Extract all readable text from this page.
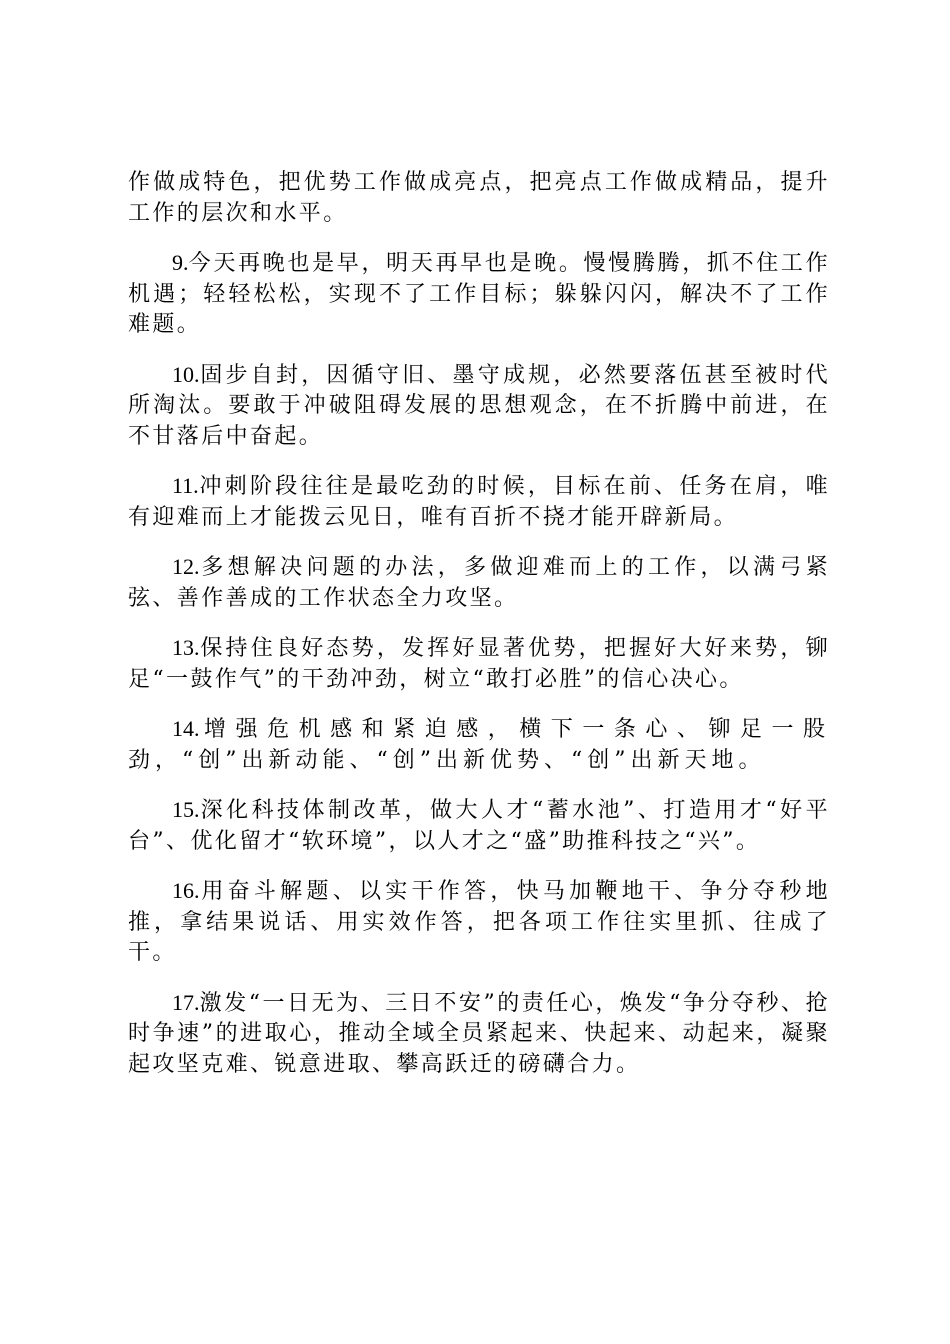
作做成特色，把优势工作做成亮点，把亮点工作做成精品，提升工作的层次和水平。

9.今天再晚也是早，明天再早也是晚。慢慢腾腾，抓不住工作机遇；轻轻松松，实现不了工作目标；躲躲闪闪，解决不了工作难题。

10.固步自封，因循守旧、墨守成规，必然要落伍甚至被时代所淘汰。要敢于冲破阻碍发展的思想观念，在不折腾中前进，在不甘落后中奋起。

11.冲刺阶段往往是最吃劲的时候，目标在前、任务在肩，唯有迎难而上才能拨云见日，唯有百折不挠才能开辟新局。

12.多想解决问题的办法，多做迎难而上的工作，以满弓紧弦、善作善成的工作状态全力攻坚。

13.保持住良好态势，发挥好显著优势，把握好大好来势，铆足“一鼓作气”的干劲冲劲，树立“敢打必胜”的信心决心。

14.增强危机感和紧迫感，横下一条心、铆足一股劲，“创”出新动能、“创”出新优势、“创”出新天地。

15.深化科技体制改革，做大人才“蓄水池”、打造用才“好平台”、优化留才“软环境”，以人才之“盛”助推科技之“兴”。

16.用奋斗解题、以实干作答，快马加鞭地干、争分夺秒地推，拿结果说话、用实效作答，把各项工作往实里抓、往成了干。

17.激发“一日无为、三日不安”的责任心，焕发“争分夺秒、抢时争速”的进取心，推动全域全员紧起来、快起来、动起来，凝聚起攻坚克难、锐意进取、攀高跃迁的磅礴合力。
